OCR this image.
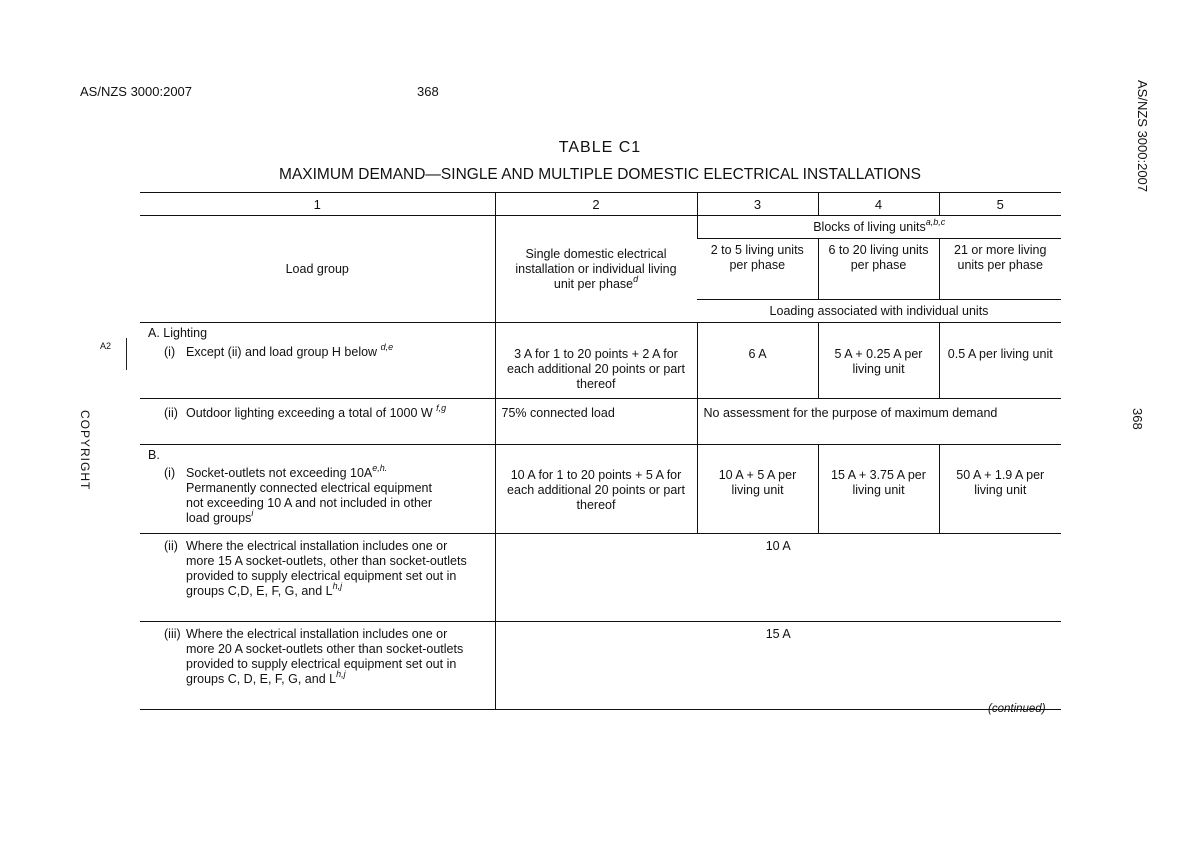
AS/NZS 3000:2007	368	AS/NZS 3000:2007
368
COPYRIGHT
A2
TABLE C1
MAXIMUM DEMAND—SINGLE AND MULTIPLE DOMESTIC ELECTRICAL INSTALLATIONS
1	2	3	4	5
Load group	Single domestic electrical installation or individual living unit per phase$^d$	Blocks of living units$^{a,b,c}$
		2 to 5 living units per phase	6 to 20 living units per phase	21 or more living units per phase
		Loading associated with individual units		

A. Lighting
(i) Except (ii) and load group H below $^{d,e}$	3 A for 1 to 20 points + 2 A for each additional 20 points or part thereof	6 A	5 A + 0.25 A per living unit	0.5 A per living unit

(ii) Outdoor lighting exceeding a total of 1000 W $^{f,g}$	75% connected load	No assessment for the purpose of maximum demand		

B.
(i) Socket-outlets not exceeding $10A^{e,h.}$ Permanently connected electrical equipment not exceeding 10 A and not included in other load groups$^i$	10 A for 1 to 20 points + 5 A for each additional 20 points or part thereof	10 A + 5 A per living unit	15 A + 3.75 A per living unit	50 A + 1.9 A per living unit

(ii) Where the electrical installation includes one or more 15 A socket-outlets, other than socket-outlets provided to supply electrical equipment set out in groups C,D, E, F, G, and L$^{h,j}$	10 A			

(iii) Where the electrical installation includes one or more 20 A socket-outlets other than socket-outlets provided to supply electrical equipment set out in groups C, D, E, F, G, and L$^{h,j}$	15 A			
(continued)
